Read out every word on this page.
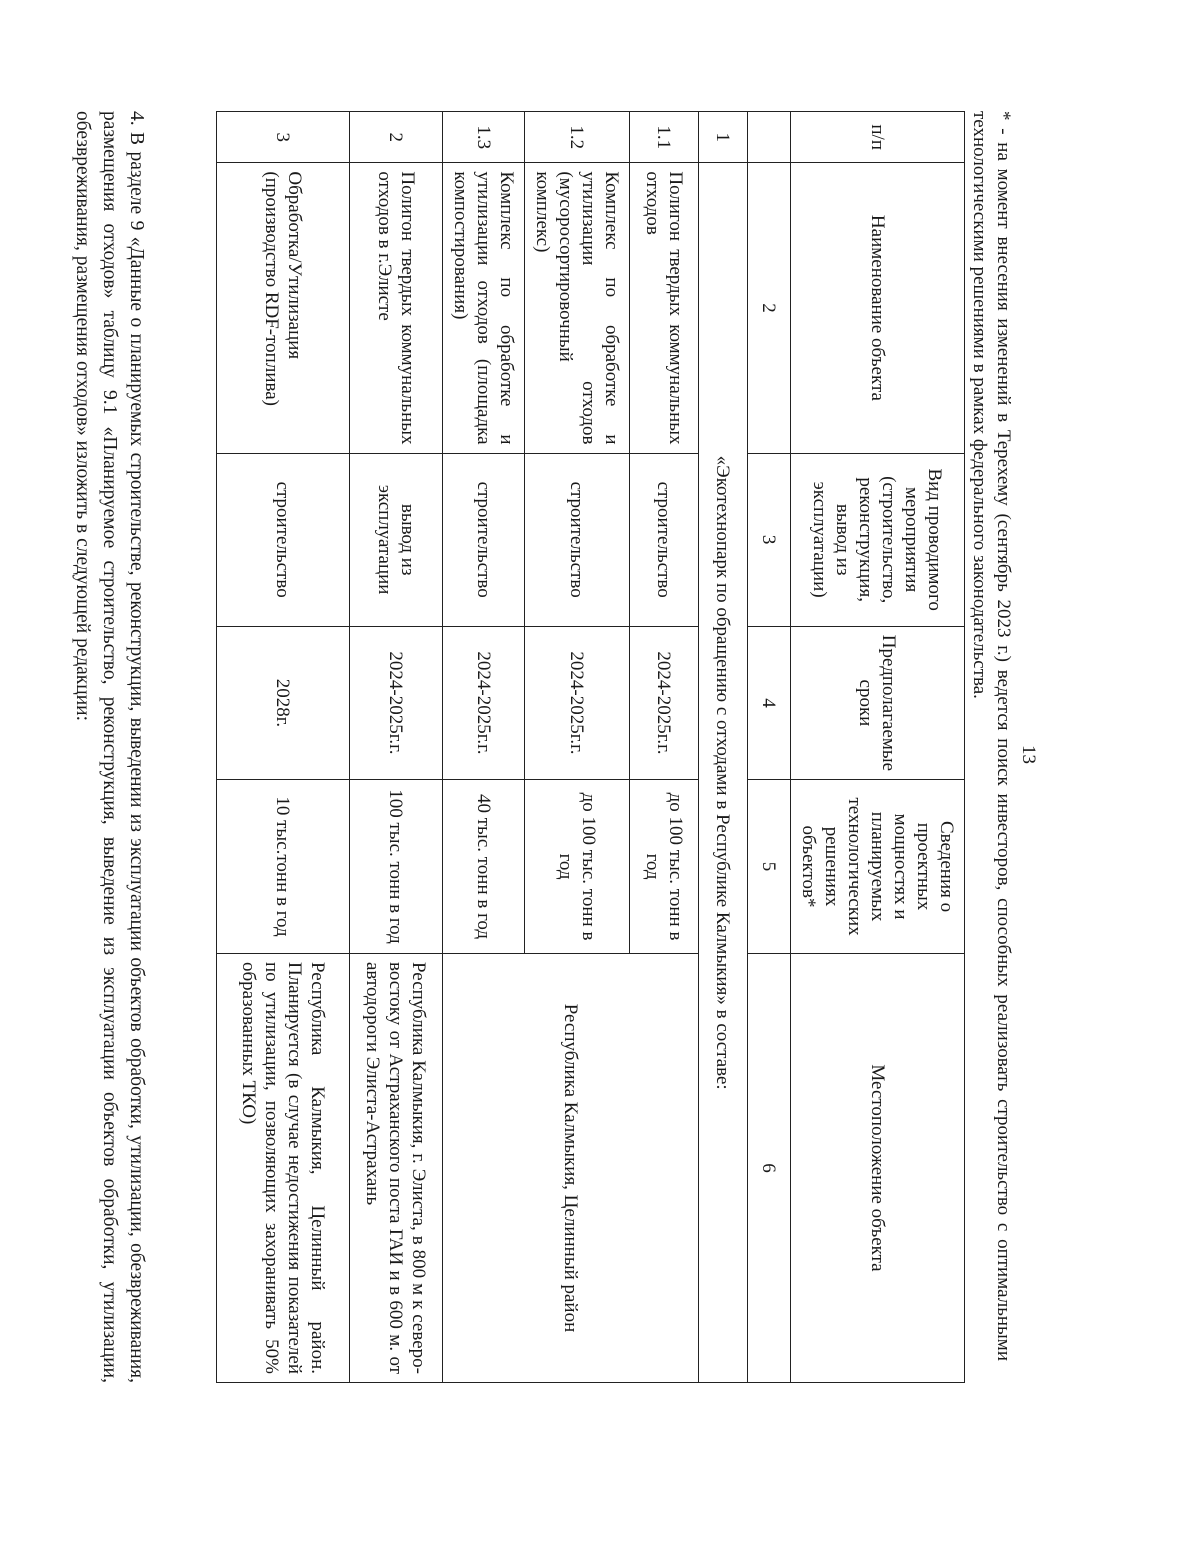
13
* - на момент внесения изменений в Терехему (сентябрь 2023 г.) ведется поиск инвесторов, способных реализовать строительство с оптимальными технологическими решениями в рамках федерального законодательства.
п/п	Наименование объекта	Вид проводимого мероприятия (строительство, реконструкция, вывод из эксплуатации)	Предполагаемые сроки	Сведения о проектных мощностях и планируемых технологических решениях объектов*	Местоположение объекта
	2	3	4	5	6
1	«Экотехнопарк по обращению с отходами в Республике Калмыкия» в составе:				
1.1	Полигон твердых коммунальных отходов	строительство	2024-2025г.г.	до 100 тыс. тонн в год	Республика Калмыкия, Целинный район
1.2	Комплекс по обработке и утилизации отходов (мусоросортировочный комплекс)	строительство	2024-2025г.г.	до 100 тыс. тонн в год	
1.3	Комплекс по обработке и утилизации отходов (площадка компостирования)	строительство	2024-2025г.г.	40 тыс. тонн в год	
2	Полигон твердых коммунальных отходов в г.Элисте	вывод из эксплуатации	2024-2025г.г.	100 тыс. тонн в год	Республика Калмыкия, г. Элиста, в 800 м к северо-востоку от Астраханского поста ГАИ и в 600 м. от автодороги Элиста-Астрахань
3	Обработка/Утилизация (производство RDF-топлива)	строительство	2028г.	10 тыс.тонн в год	Республика Калмыкия, Целинный район. Планируется (в случае недостижения показателей по утилизации, позволяющих захоранивать 50% образованных ТКО)
4. В разделе 9 «Данные о планируемых строительстве, реконструкции, выведении из эксплуатации объектов обработки, утилизации, обезвреживания, размещения отходов» таблицу 9.1 «Планируемое строительство, реконструкция, выведение из эксплуатации объектов обработки, утилизации, обезвреживания, размещения отходов» изложить в следующей редакции:
